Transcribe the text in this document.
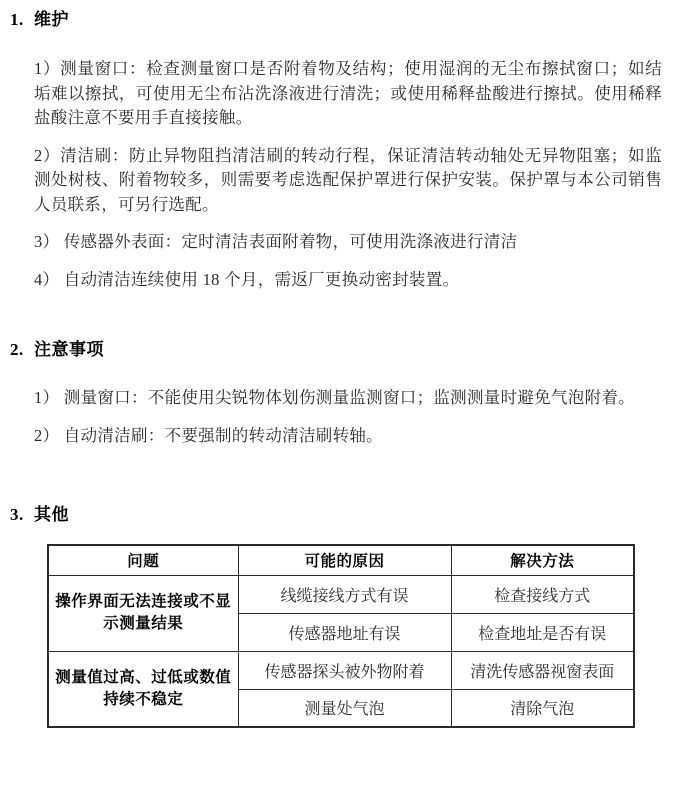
1. 维护

1）测量窗口：检查测量窗口是否附着物及结构；使用湿润的无尘布擦拭窗口；如结垢难以擦拭，可使用无尘布沾洗涤液进行清洗；或使用稀释盐酸进行擦拭。使用稀释盐酸注意不要用手直接接触。

2）清洁刷：防止异物阻挡清洁刷的转动行程，保证清洁转动轴处无异物阻塞；如监测处树枝、附着物较多，则需要考虑选配保护罩进行保护安装。保护罩与本公司销售人员联系，可另行选配。

3） 传感器外表面：定时清洁表面附着物，可使用洗涤液进行清洁

4） 自动清洁连续使用 18 个月，需返厂更换动密封装置。

2. 注意事项

1） 测量窗口：不能使用尖锐物体划伤测量监测窗口；监测测量时避免气泡附着。

2） 自动清洁刷：不要强制的转动清洁刷转轴。

3. 其他
问题	可能的原因	解决方法
操作界面无法连接或不显示测量结果	线缆接线方式有误	检查接线方式
	传感器地址有误	检查地址是否有误
测量值过高、过低或数值持续不稳定	传感器探头被外物附着	清洗传感器视窗表面
	测量处气泡	清除气泡
